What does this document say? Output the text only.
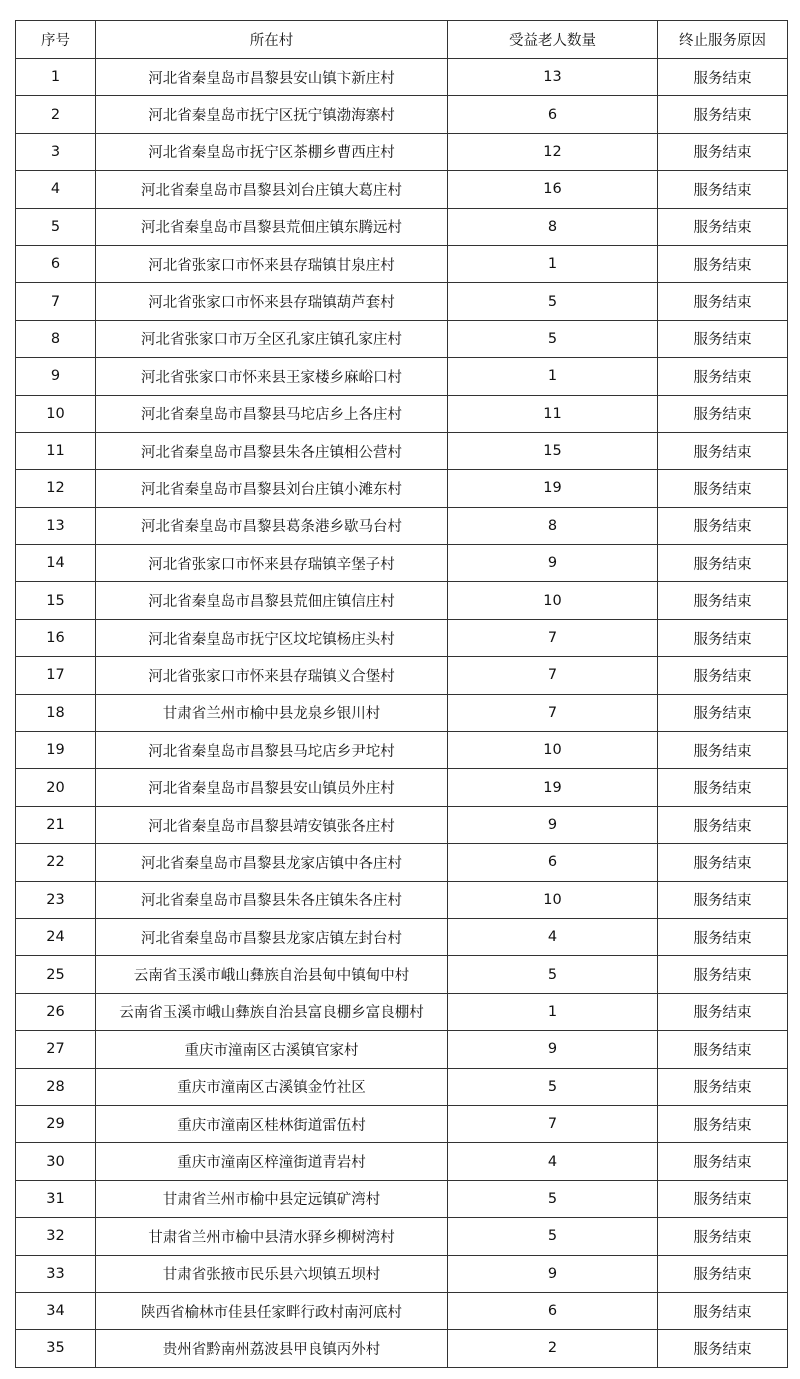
序号	所在村	受益老人数量	终止服务原因
1	河北省秦皇岛市昌黎县安山镇卞新庄村	13	服务结束
2	河北省秦皇岛市抚宁区抚宁镇渤海寨村	6	服务结束
3	河北省秦皇岛市抚宁区茶棚乡曹西庄村	12	服务结束
4	河北省秦皇岛市昌黎县刘台庄镇大葛庄村	16	服务结束
5	河北省秦皇岛市昌黎县荒佃庄镇东腾远村	8	服务结束
6	河北省张家口市怀来县存瑞镇甘泉庄村	1	服务结束
7	河北省张家口市怀来县存瑞镇葫芦套村	5	服务结束
8	河北省张家口市万全区孔家庄镇孔家庄村	5	服务结束
9	河北省张家口市怀来县王家楼乡麻峪口村	1	服务结束
10	河北省秦皇岛市昌黎县马坨店乡上各庄村	11	服务结束
11	河北省秦皇岛市昌黎县朱各庄镇相公营村	15	服务结束
12	河北省秦皇岛市昌黎县刘台庄镇小滩东村	19	服务结束
13	河北省秦皇岛市昌黎县葛条港乡歇马台村	8	服务结束
14	河北省张家口市怀来县存瑞镇辛堡子村	9	服务结束
15	河北省秦皇岛市昌黎县荒佃庄镇信庄村	10	服务结束
16	河北省秦皇岛市抚宁区坟坨镇杨庄头村	7	服务结束
17	河北省张家口市怀来县存瑞镇义合堡村	7	服务结束
18	甘肃省兰州市榆中县龙泉乡银川村	7	服务结束
19	河北省秦皇岛市昌黎县马坨店乡尹坨村	10	服务结束
20	河北省秦皇岛市昌黎县安山镇员外庄村	19	服务结束
21	河北省秦皇岛市昌黎县靖安镇张各庄村	9	服务结束
22	河北省秦皇岛市昌黎县龙家店镇中各庄村	6	服务结束
23	河北省秦皇岛市昌黎县朱各庄镇朱各庄村	10	服务结束
24	河北省秦皇岛市昌黎县龙家店镇左封台村	4	服务结束
25	云南省玉溪市峨山彝族自治县甸中镇甸中村	5	服务结束
26	云南省玉溪市峨山彝族自治县富良棚乡富良棚村	1	服务结束
27	重庆市潼南区古溪镇官家村	9	服务结束
28	重庆市潼南区古溪镇金竹社区	5	服务结束
29	重庆市潼南区桂林街道雷伍村	7	服务结束
30	重庆市潼南区梓潼街道青岩村	4	服务结束
31	甘肃省兰州市榆中县定远镇矿湾村	5	服务结束
32	甘肃省兰州市榆中县清水驿乡柳树湾村	5	服务结束
33	甘肃省张掖市民乐县六坝镇五坝村	9	服务结束
34	陕西省榆林市佳县任家畔行政村南河底村	6	服务结束
35	贵州省黔南州荔波县甲良镇丙外村	2	服务结束
